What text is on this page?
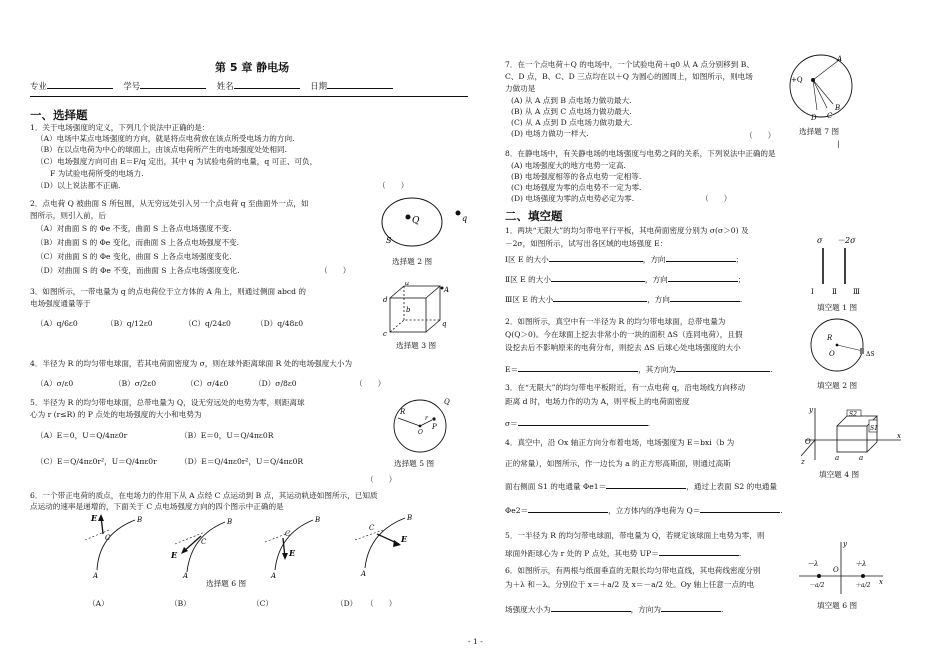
第 5 章 静电场
专业	学号	姓名	日期
一、选择题
1．关于电场强度的定义，下列几个说法中正确的是：
（A）电场中某点电场强度的方向，就是将点电荷放在该点所受电场力的方向.
（B）在以点电荷为中心的球面上，由该点电荷所产生的电场强度处处相同.
（C）电场强度方向可由 E＝F/q 定出，其中 q 为试验电荷的电量，q 可正、可负，
F 为试验电荷所受的电场力.
（D）以上说法都不正确.	（　　）
2．点电荷 Q 被曲面 S 所包围，从无穷远处引入另一个点电荷 q 至曲面外一点，如
图所示，则引入前，后
（A）对曲面 S 的 Φe 不变，曲面 S 上各点电场强度不变.
（B）对曲面 S 的 Φe 变化，而曲面 S 上各点电场强度不变.
（C）对曲面 S 的 Φe 变化，曲面 S 上各点电场强度变化.
（D）对曲面 S 的 Φe 不变，而曲面 S 上各点电场强度变化.	（　　）
Q
S
q
选择题 2 图
3．如图所示，一带电量为 q 的点电荷位于立方体的 A 角上，则通过侧面 abcd 的
电场强度通量等于
（A）q/6ε0	（B）q/12ε0	（C）q/24ε0	（D）q/48ε0
A
q
d
a
b
c
选择题 3 图
4．半径为 R 的均匀带电球面，若其电荷面密度为 σ，则在球外距离球面 R 处的电场强度大小为
（A）σ/ε0	（B）σ/2ε0	（C）σ/4ε0	（D）σ/8ε0	（　　）
5．半径为 R 的均匀带电球面，总带电量为 Q，设无穷远处的电势为零，则距离球
心为 r (r≤R) 的 P 点处的电场强度的大小和电势为
（A）E＝0，U＝Q/4πε0r	（B）E＝0，U＝Q/4πε0R
（C）E＝Q/4πε0r²，U＝Q/4πε0r	（D）E＝Q/4πε0r²，U＝Q/4πε0R
（　　）
R
r
P
Q
O
选择题 5 图
6．一个带正电荷的质点，在电场力的作用下从 A 点经 C 点运动到 B 点，其运动轨迹如图所示，已知质
点运动的速率是递增的，下面关于 C 点电场强度方向的四个图示中正确的是
E	B
C
A
E
B
C
A
E
B
C
A
E
B
C
A
选择题 6 图
（A）	（B）	（C）	（D） （　　）
7．在一个点电荷＋Q 的电场中，一个试验电荷＋q0 从 A 点分别移到 B、
C、D 点，B、C、D 三点均在以＋Q 为圆心的圆周上，如图所示，则电场
力做功是
(A) 从 A 点到 B 点电场力做功最大.
(B) 从 A 点到 C 点电场力做功最大.
(C) 从 A 点到 D 点电场力做功最大.
(D) 电场力做功一样大.	（　　）
+Q
A
D C
B
选择题 7 图
|
8．在静电场中，有关静电场的电场强度与电势之间的关系，下列说法中正确的是
(A) 电场强度大的地方电势一定高.
(B) 电场强度相等的各点电势一定相等.
(C) 电场强度为零的点电势不一定为零.
(D) 电场强度为零的点电势必定为零.	（　　）
二、填空题
1．两块“无限大”的均匀带电平行平板，其电荷面密度分别为 σ(σ＞0) 及
－2σ，如图所示，试写出各区域的电场强度 E：
Ⅰ区 E 的大小	，方向	；
Ⅱ区 E 的大小	，方向	；
Ⅲ区 E 的大小	，方向	.
σ －2σ
Ⅰ	Ⅱ Ⅲ
填空题 1 图
2．如图所示，真空中有一半径为 R 的均匀带电球面，总带电量为
Q(Q＞0)。今在球面上挖去非常小的一块的面积 ΔS（连同电荷），且假
设挖去后不影响原来的电荷分布，则挖去 ΔS 后球心处电场强度的大小
E＝	，其方向为	.
R
O	ΔS
填空题 2 图
3．在“无限大”的均匀带电平板附近，有一点电荷 q，沿电场线方向移动
距离 d 时，电场力作的功为 A，则平板上的电荷面密度
σ＝	.
4．真空中，沿 Ox 轴正方向分布着电场，电场强度为 E＝bxi（b 为
正的常量），如图所示，作一边长为 a 的正方形高斯面，则通过高斯
面右侧面 S1 的电通量 Φe1＝	，通过上表面 S2 的电通量
Φe2＝	，立方体内的净电荷为 Q＝	.
S2
S1
y
x
z
O
a	a
填空题 4 图
5．一半径为 R 的均匀带电球面，带电量为 Q，若规定该球面上电势为零，则
球面外距球心为 r 处的 P 点处，其电势 UP＝	.
6．如图所示，有两根与纸面垂直的无限长均匀带电直线，其电荷线密度分别
为＋λ 和－λ。分别位于 x＝＋a/2 及 x＝－a/2 处。Oy 轴上任意一点的电
场强度大小为	，方向为	.
－λ	＋λ
O
y
x
－a/2	＋a/2
填空题 6 图
- 1 -
